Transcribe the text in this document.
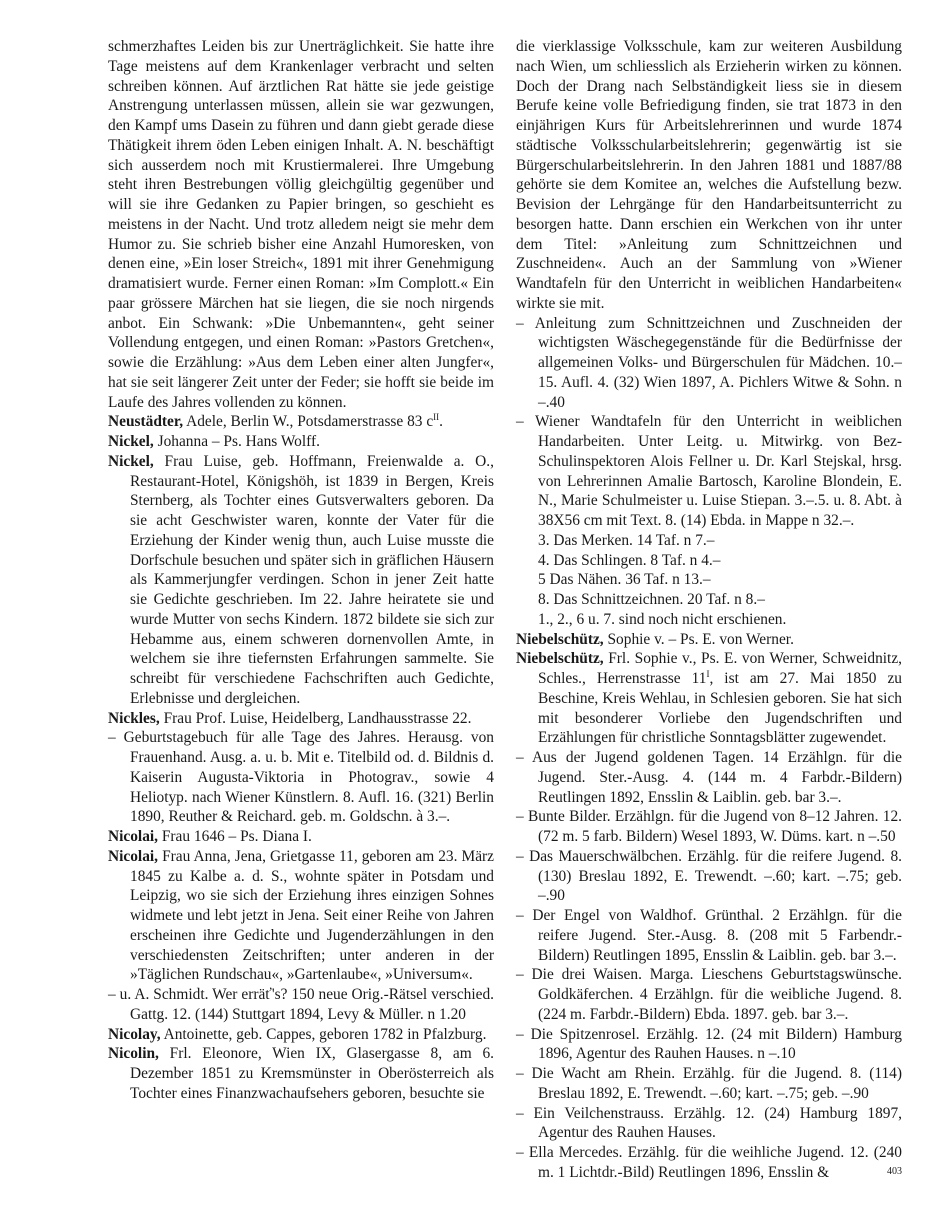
schmerzhaftes Leiden bis zur Unerträglichkeit. Sie hatte ihre Tage meistens auf dem Krankenlager verbracht und selten schreiben können. Auf ärztlichen Rat hätte sie jede geistige Anstrengung unterlassen müssen, allein sie war gezwungen, den Kampf ums Dasein zu führen und dann giebt gerade diese Thätigkeit ihrem öden Leben einigen Inhalt. A. N. beschäftigt sich ausserdem noch mit Krustiermalerei. Ihre Umgebung steht ihren Bestrebungen völlig gleichgültig gegenüber und will sie ihre Gedanken zu Papier bringen, so geschieht es meistens in der Nacht. Und trotz alledem neigt sie mehr dem Humor zu. Sie schrieb bisher eine Anzahl Humoresken, von denen eine, »Ein loser Streich«, 1891 mit ihrer Genehmigung dramatisiert wurde. Ferner einen Roman: »Im Complott.« Ein paar grössere Märchen hat sie liegen, die sie noch nirgends anbot. Ein Schwank: »Die Unbemannten«, geht seiner Vollendung entgegen, und einen Roman: »Pastors Gretchen«, sowie die Erzählung: »Aus dem Leben einer alten Jungfer«, hat sie seit längerer Zeit unter der Feder; sie hofft sie beide im Laufe des Jahres vollenden zu können.

Neustädter, Adele, Berlin W., Potsdamerstrasse 83 $c^{II}$.

Nickel, Johanna – Ps. Hans Wolff.

Nickel, Frau Luise, geb. Hoffmann, Freienwalde a. O., Restaurant-Hotel, Königshöh, ist 1839 in Bergen, Kreis Sternberg, als Tochter eines Gutsverwalters geboren. Da sie acht Geschwister waren, konnte der Vater für die Erziehung der Kinder wenig thun, auch Luise musste die Dorfschule besuchen und später sich in gräflichen Häusern als Kammerjungfer verdingen. Schon in jener Zeit hatte sie Gedichte geschrieben. Im 22. Jahre heiratete sie und wurde Mutter von sechs Kindern. 1872 bildete sie sich zur Hebamme aus, einem schweren dornenvollen Amte, in welchem sie ihre tiefernsten Erfahrungen sammelte. Sie schreibt für verschiedene Fachschriften auch Gedichte, Erlebnisse und dergleichen.

Nickles, Frau Prof. Luise, Heidelberg, Landhausstrasse 22.

– Geburtstagebuch für alle Tage des Jahres. Herausg. von Frauenhand. Ausg. a. u. b. Mit e. Titelbild od. d. Bildnis d. Kaiserin Augusta-Viktoria in Photograv., sowie 4 Heliotyp. nach Wiener Künstlern. 8. Aufl. 16. (321) Berlin 1890, Reuther & Reichard. geb. m. Goldschn. à 3.–.

Nicolai, Frau 1646 – Ps. Diana I.

Nicolai, Frau Anna, Jena, Grietgasse 11, geboren am 23. März 1845 zu Kalbe a. d. S., wohnte später in Potsdam und Leipzig, wo sie sich der Erziehung ihres einzigen Sohnes widmete und lebt jetzt in Jena. Seit einer Reihe von Jahren erscheinen ihre Gedichte und Jugenderzählungen in den verschiedensten Zeitschriften; unter anderen in der »Täglichen Rundschau«, »Gartenlaube«, »Universum«.

– u. A. Schmidt. Wer erräť's? 150 neue Orig.-Rätsel verschied. Gattg. 12. (144) Stuttgart 1894, Levy & Müller. n 1.20

Nicolay, Antoinette, geb. Cappes, geboren 1782 in Pfalzburg.

Nicolin, Frl. Eleonore, Wien IX, Glasergasse 8, am 6. Dezember 1851 zu Kremsmünster in Oberösterreich als Tochter eines Finanzwachaufsehers geboren, besuchte sie

die vierklassige Volksschule, kam zur weiteren Ausbildung nach Wien, um schliesslich als Erzieherin wirken zu können. Doch der Drang nach Selbständigkeit liess sie in diesem Berufe keine volle Befriedigung finden, sie trat 1873 in den einjährigen Kurs für Arbeitslehrerinnen und wurde 1874 städtische Volksschularbeitslehrerin; gegenwärtig ist sie Bürgerschularbeitslehrerin. In den Jahren 1881 und 1887/88 gehörte sie dem Komitee an, welches die Aufstellung bezw. Bevision der Lehrgänge für den Handarbeitsunterricht zu besorgen hatte. Dann erschien ein Werkchen von ihr unter dem Titel: »Anleitung zum Schnittzeichnen und Zuschneiden«. Auch an der Sammlung von »Wiener Wandtafeln für den Unterricht in weiblichen Handarbeiten« wirkte sie mit.

– Anleitung zum Schnittzeichnen und Zuschneiden der wichtigsten Wäschegegenstände für die Bedürfnisse der allgemeinen Volks- und Bürgerschulen für Mädchen. 10.–15. Aufl. 4. (32) Wien 1897, A. Pichlers Witwe & Sohn. n –.40

– Wiener Wandtafeln für den Unterricht in weiblichen Handarbeiten. Unter Leitg. u. Mitwirkg. von Bez-Schulinspektoren Alois Fellner u. Dr. Karl Stejskal, hrsg. von Lehrerinnen Amalie Bartosch, Karoline Blondein, E. N., Marie Schulmeister u. Luise Stiepan. 3.–.5. u. 8. Abt. à 38X56 cm mit Text. 8. (14) Ebda. in Mappe n 32.–.

3. Das Merken. 14 Taf. n 7.–

4. Das Schlingen. 8 Taf. n 4.–

5 Das Nähen. 36 Taf. n 13.–

8. Das Schnittzeichnen. 20 Taf. n 8.–

1., 2., 6 u. 7. sind noch nicht erschienen.

Niebelschütz, Sophie v. – Ps. E. von Werner.

Niebelschütz, Frl. Sophie v., Ps. E. von Werner, Schweidnitz, Schles., Herrenstrasse $11^I$, ist am 27. Mai 1850 zu Beschine, Kreis Wehlau, in Schlesien geboren. Sie hat sich mit besonderer Vorliebe den Jugendschriften und Erzählungen für christliche Sonntagsblätter zugewendet.

– Aus der Jugend goldenen Tagen. 14 Erzählgn. für die Jugend. Ster.-Ausg. 4. (144 m. 4 Farbdr.-Bildern) Reutlingen 1892, Ensslin & Laiblin. geb. bar 3.–.

– Bunte Bilder. Erzählgn. für die Jugend von 8–12 Jahren. 12. (72 m. 5 farb. Bildern) Wesel 1893, W. Düms. kart. n –.50

– Das Mauerschwälbchen. Erzählg. für die reifere Jugend. 8. (130) Breslau 1892, E. Trewendt. –.60; kart. –.75; geb. –.90

– Der Engel von Waldhof. Grünthal. 2 Erzählgn. für die reifere Jugend. Ster.-Ausg. 8. (208 mit 5 Farbendr.-Bildern) Reutlingen 1895, Ensslin & Laiblin. geb. bar 3.–.

– Die drei Waisen. Marga. Lieschens Geburtstagswünsche. Goldkäferchen. 4 Erzählgn. für die weibliche Jugend. 8. (224 m. Farbdr.-Bildern) Ebda. 1897. geb. bar 3.–.

– Die Spitzenrosel. Erzählg. 12. (24 mit Bildern) Hamburg 1896, Agentur des Rauhen Hauses. n –.10

– Die Wacht am Rhein. Erzählg. für die Jugend. 8. (114) Breslau 1892, E. Trewendt. –.60; kart. –.75; geb. –.90

– Ein Veilchenstrauss. Erzählg. 12. (24) Hamburg 1897, Agentur des Rauhen Hauses.

– Ella Mercedes. Erzählg. für die weihliche Jugend. 12. (240 m. 1 Lichtdr.-Bild) Reutlingen 1896, Ensslin &	403
